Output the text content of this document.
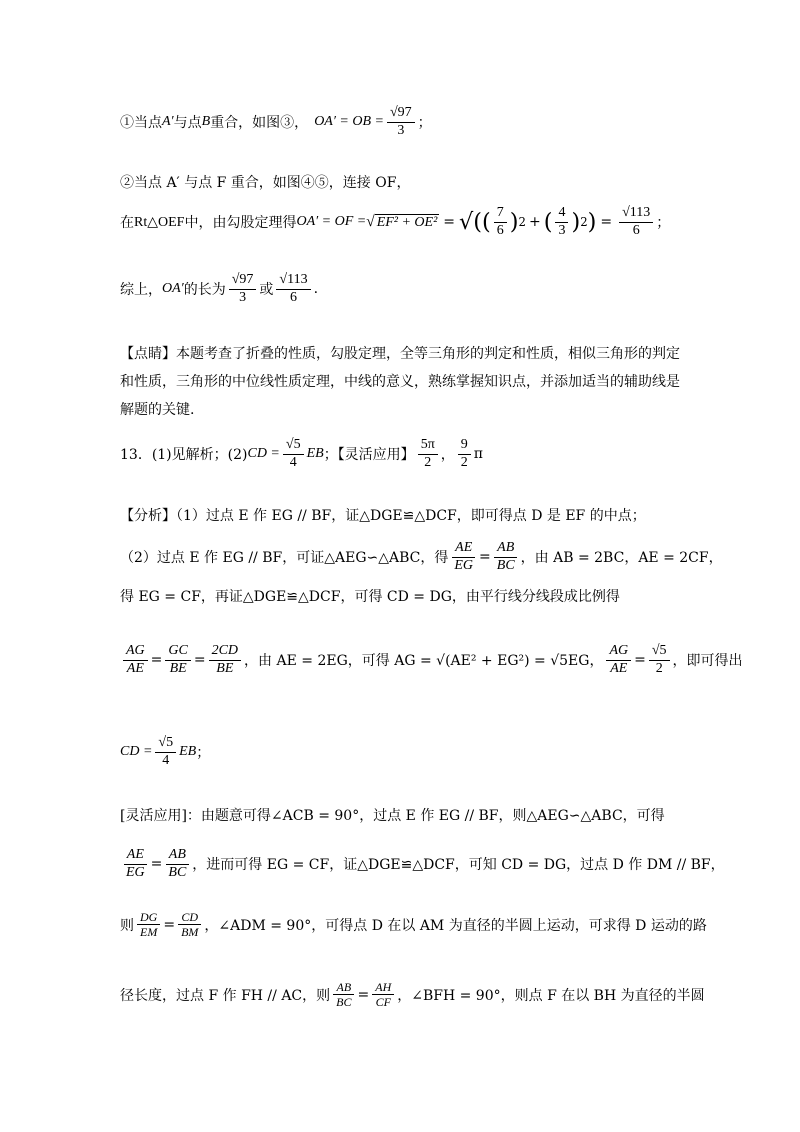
①当点 A′ 与点 B 重合，如图③， OA′ = OB = $\frac{√97}{3}$ ；
②当点 A′ 与点 F 重合，如图④⑤，连接 OF，
在 Rt△OEF 中，由勾股定理得 OA′ = OF = √ EF² + OE² = √( ( $\frac{7}{6}$ ) 2 + ( $\frac{4}{3}$ ) 2 ) = $\frac{√113}{6}$ ；
综上， OA′ 的长为 $\frac{√97}{3}$ 或 $\frac{√113}{6}$ .
【点睛】本题考查了折叠的性质，勾股定理，全等三角形的判定和性质，相似三角形的判定和性质，三角形的中位线性质定理，中线的意义，熟练掌握知识点，并添加适当的辅助线是解题的关键.
13．(1)见解析；(2) CD = $\frac{√5}{4}$ EB ；【灵活应用】 $\frac{5\pi}{2}$ ， $\frac{9}{2}$ π
【分析】（1）过点 E 作 EG // BF，证△DGE≌△DCF，即可得点 D 是 EF 的中点；
（2）过点 E 作 EG // BF，可证△AEG∽△ABC，得 $\frac{AE}{EG} = \frac{AB}{BC}$ ，由 AB = 2BC，AE = 2CF，
得 EG = CF，再证△DGE≌△DCF，可得 CD = DG，由平行线分线段成比例得
$\frac{AG}{AE} = \frac{GC}{BE} = \frac{2CD}{BE}$ ，由 AE = 2EG，可得 AG = √(AE² + EG²) = √5EG， $\frac{AG}{AE} = \frac{√5}{2}$ ，即可得出
CD = $\frac{√5}{4}$ EB ；
[灵活应用]：由题意可得∠ACB = 90°，过点 E 作 EG // BF，则△AEG∽△ABC，可得
$\frac{AE}{EG} = \frac{AB}{BC}$ ，进而可得 EG = CF，证△DGE≌△DCF，可知 CD = DG，过点 D 作 DM // BF，
则 $\frac{DG}{EM} = \frac{CD}{BM}$ ，∠ADM = 90°，可得点 D 在以 AM 为直径的半圆上运动，可求得 D 运动的路
径长度，过点 F 作 FH // AC，则 $\frac{AB}{BC} = \frac{AH}{CF}$ ，∠BFH = 90°，则点 F 在以 BH 为直径的半圆
